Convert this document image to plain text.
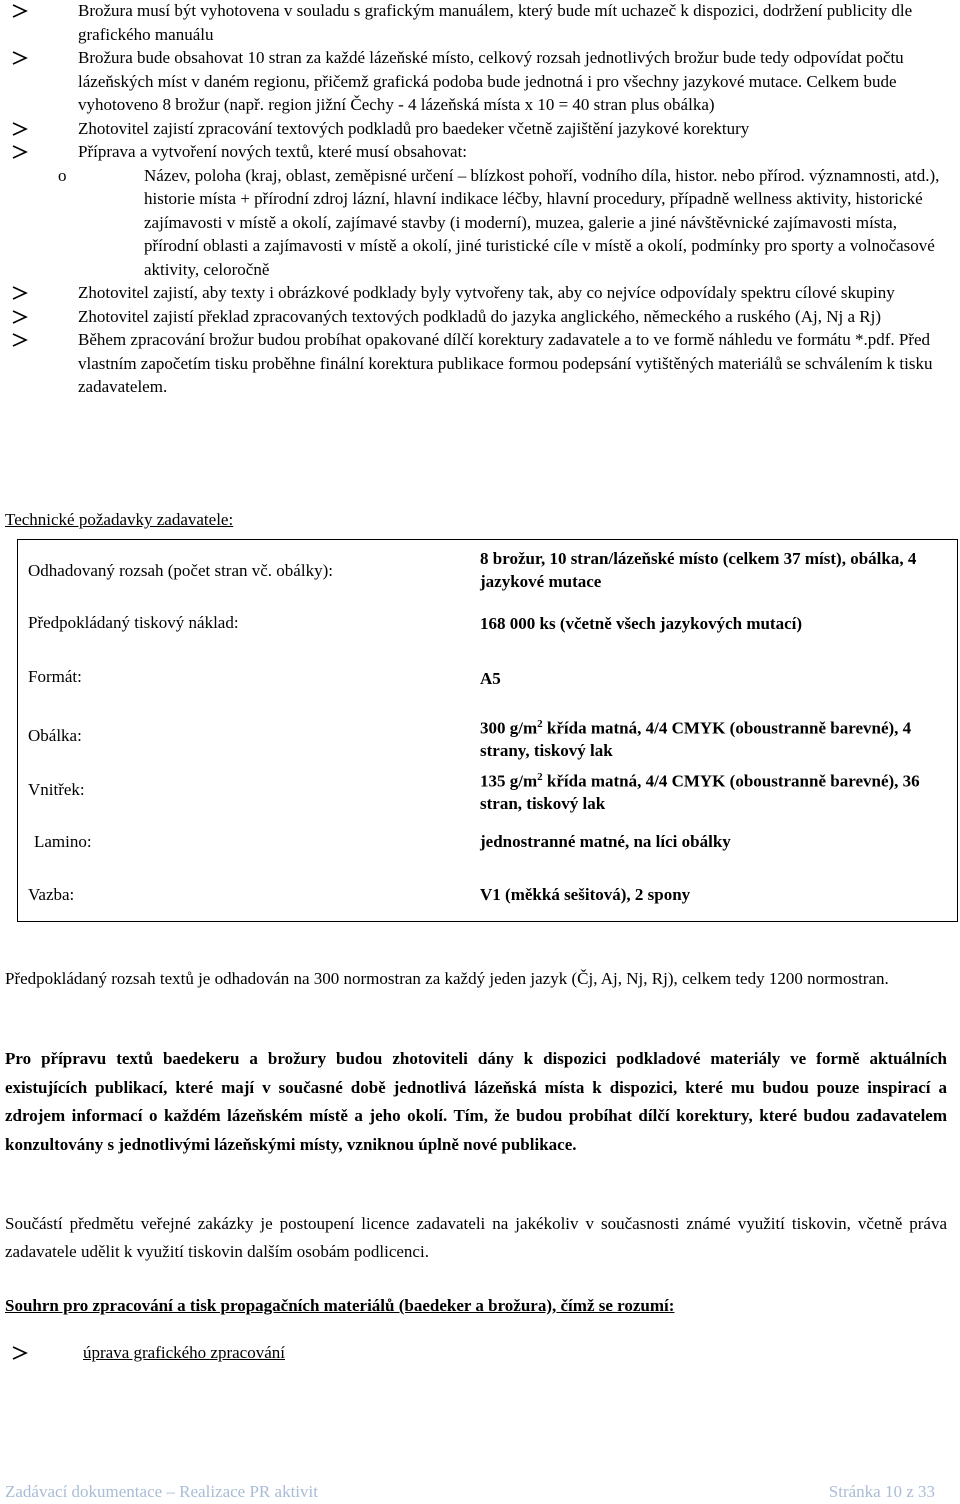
Brožura musí být vyhotovena v souladu s grafickým manuálem, který bude mít uchazeč k dispozici, dodržení publicity dle grafického manuálu
Brožura bude obsahovat 10 stran za každé lázeňské místo, celkový rozsah jednotlivých brožur bude tedy odpovídat počtu lázeňských míst v daném regionu, přičemž grafická podoba bude jednotná i pro všechny jazykové mutace. Celkem bude vyhotoveno 8 brožur (např. region jižní Čechy - 4 lázeňská místa x 10 = 40 stran plus obálka)
Zhotovitel zajistí zpracování textových podkladů pro baedeker včetně zajištění jazykové korektury
Příprava a vytvoření nových textů, které musí obsahovat:
o	Název, poloha (kraj, oblast, zeměpisné určení – blízkost pohoří, vodního díla, histor. nebo přírod. významnosti, atd.), historie místa + přírodní zdroj lázní, hlavní indikace léčby, hlavní procedury, případně wellness aktivity, historické zajímavosti v místě a okolí, zajímavé stavby (i moderní), muzea, galerie a jiné návštěvnické zajímavosti místa, přírodní oblasti a zajímavosti v místě a okolí, jiné turistické cíle v místě a okolí, podmínky pro sporty a volnočasové aktivity, celoročně
Zhotovitel zajistí, aby texty i obrázkové podklady byly vytvořeny tak, aby co nejvíce odpovídaly spektru cílové skupiny
Zhotovitel zajistí překlad zpracovaných textových podkladů do jazyka anglického, německého a ruského (Aj, Nj a Rj)
Během zpracování brožur budou probíhat opakované dílčí korektury zadavatele a to ve formě náhledu ve formátu *.pdf. Před vlastním započetím tisku proběhne finální korektura publikace formou podepsání vytištěných materiálů se schválením k tisku zadavatelem.
Technické požadavky zadavatele:
Odhadovaný rozsah (počet stran vč. obálky):	8 brožur, 10 stran/lázeňské místo (celkem 37 míst), obálka, 4 jazykové mutace
Předpokládaný tiskový náklad:	168 000 ks (včetně všech jazykových mutací)
Formát:	A5
Obálka:	300 $g/m^2$ křída matná, 4/4 CMYK (oboustranně barevné), 4 strany, tiskový lak
Vnitřek:	135 $g/m^2$ křída matná, 4/4 CMYK (oboustranně barevné), 36 stran, tiskový lak
Lamino:	jednostranné matné, na líci obálky
Vazba:	V1 (měkká sešitová), 2 spony
Předpokládaný rozsah textů je odhadován na 300 normostran za každý jeden jazyk (Čj, Aj, Nj, Rj), celkem tedy 1200 normostran.
Pro přípravu textů baedekeru a brožury budou zhotoviteli dány k dispozici podkladové materiály ve formě aktuálních existujících publikací, které mají v současné době jednotlivá lázeňská místa k dispozici, které mu budou pouze inspirací a zdrojem informací o každém lázeňském místě a jeho okolí. Tím, že budou probíhat dílčí korektury, které budou zadavatelem konzultovány s jednotlivými lázeňskými místy, vzniknou úplně nové publikace.
Součástí předmětu veřejné zakázky je postoupení licence zadavateli na jakékoliv v současnosti známé využití tiskovin, včetně práva zadavatele udělit k využití tiskovin dalším osobám podlicenci.
Souhrn pro zpracování a tisk propagačních materiálů (baedeker a brožura), čímž se rozumí:
úprava grafického zpracování
Zadávací dokumentace – Realizace PR aktivit	Stránka 10 z 33
